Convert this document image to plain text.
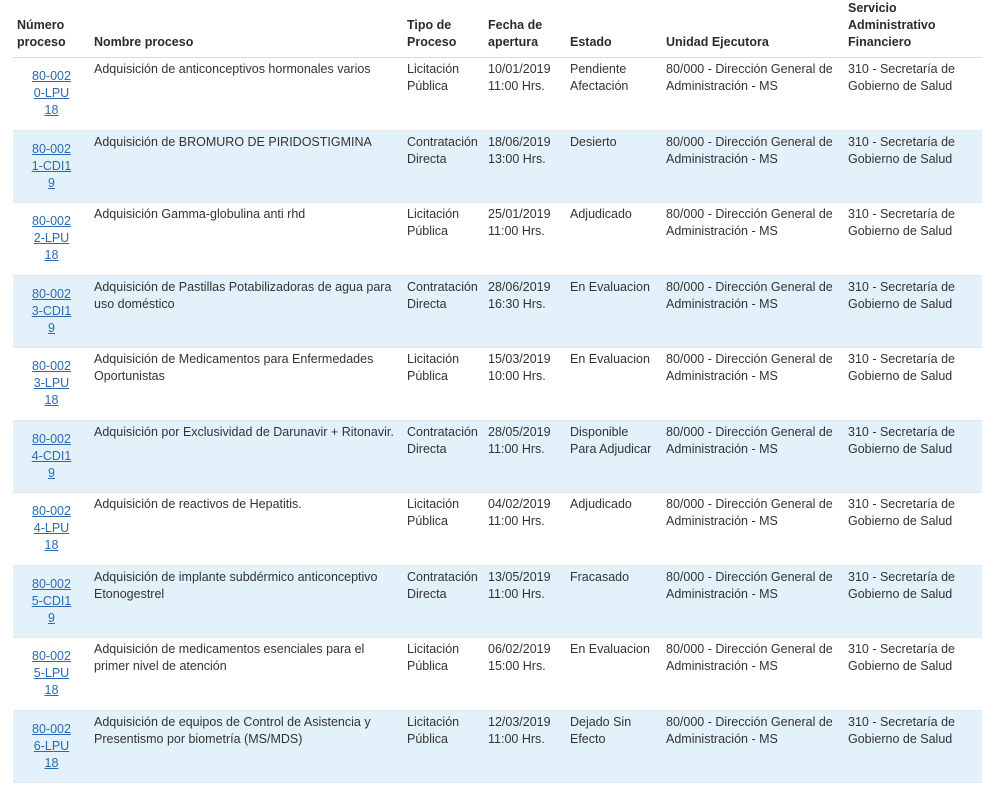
Número proceso	Nombre proceso	Tipo de Proceso	Fecha de apertura	Estado	Unidad Ejecutora	Servicio Administrativo Financiero
80-0020-LPU18	Adquisición de anticonceptivos hormonales varios	Licitación Pública	10/01/2019 11:00 Hrs.	Pendiente Afectación	80/000 - Dirección General de Administración - MS	310 - Secretaría de Gobierno de Salud

80-0021-CDI19	Adquisición de BROMURO DE PIRIDOSTIGMINA	Contratación Directa	18/06/2019 13:00 Hrs.	Desierto	80/000 - Dirección General de Administración - MS	310 - Secretaría de Gobierno de Salud

80-0022-LPU18	Adquisición Gamma-globulina anti rhd	Licitación Pública	25/01/2019 11:00 Hrs.	Adjudicado	80/000 - Dirección General de Administración - MS	310 - Secretaría de Gobierno de Salud

80-0023-CDI19	Adquisición de Pastillas Potabilizadoras de agua para uso doméstico	Contratación Directa	28/06/2019 16:30 Hrs.	En Evaluacion	80/000 - Dirección General de Administración - MS	310 - Secretaría de Gobierno de Salud

80-0023-LPU18	Adquisición de Medicamentos para Enfermedades Oportunistas	Licitación Pública	15/03/2019 10:00 Hrs.	En Evaluacion	80/000 - Dirección General de Administración - MS	310 - Secretaría de Gobierno de Salud

80-0024-CDI19	Adquisición por Exclusividad de Darunavir + Ritonavir.	Contratación Directa	28/05/2019 11:00 Hrs.	Disponible Para Adjudicar	80/000 - Dirección General de Administración - MS	310 - Secretaría de Gobierno de Salud

80-0024-LPU18	Adquisición de reactivos de Hepatitis.	Licitación Pública	04/02/2019 11:00 Hrs.	Adjudicado	80/000 - Dirección General de Administración - MS	310 - Secretaría de Gobierno de Salud

80-0025-CDI19	Adquisición de implante subdérmico anticonceptivo Etonogestrel	Contratación Directa	13/05/2019 11:00 Hrs.	Fracasado	80/000 - Dirección General de Administración - MS	310 - Secretaría de Gobierno de Salud

80-0025-LPU18	Adquisición de medicamentos esenciales para el primer nivel de atención	Licitación Pública	06/02/2019 15:00 Hrs.	En Evaluacion	80/000 - Dirección General de Administración - MS	310 - Secretaría de Gobierno de Salud

80-0026-LPU18	Adquisición de equipos de Control de Asistencia y Presentismo por biometría (MS/MDS)	Licitación Pública	12/03/2019 11:00 Hrs.	Dejado Sin Efecto	80/000 - Dirección General de Administración - MS	310 - Secretaría de Gobierno de Salud
